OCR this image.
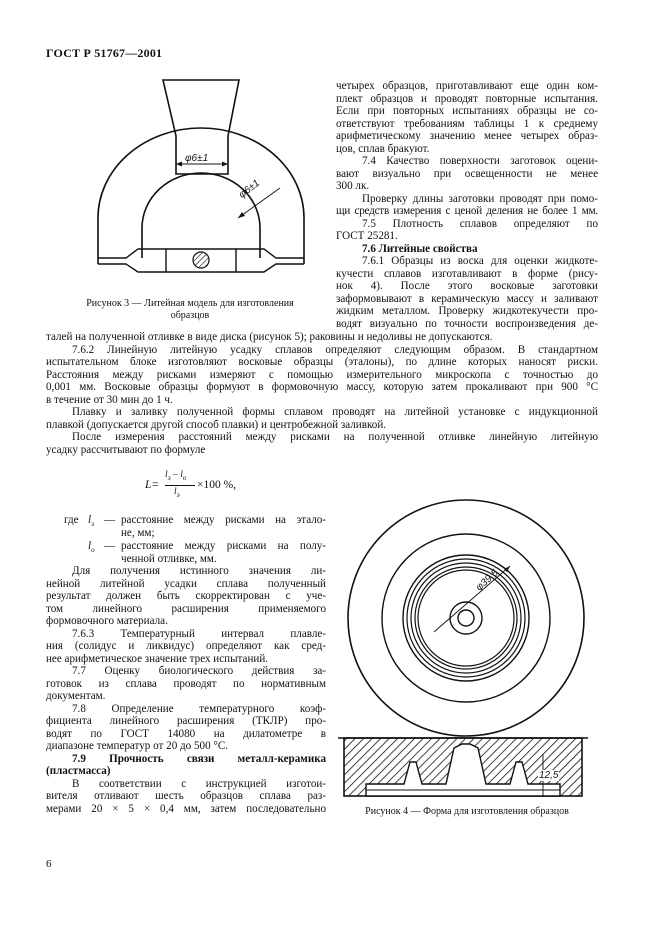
ГОСТ Р 51767—2001
φ6±1
φ6±1
Рисунок 3 — Литейная модель для изготовления
образцов
четырех образцов, приготавливают еще один ком-
плект образцов и проводят повторные испытания.
Если при повторных испытаниях образцы не со-
ответствуют требованиям таблицы 1 к среднему
арифметическому значению менее четырех образ-
цов, сплав бракуют.
7.4 Качество поверхности заготовок оцени-
вают визуально при освещенности не менее
300 лк.
Проверку длины заготовки проводят при помо-
щи средств измерения с ценой деления не более 1 мм.
7.5 Плотность сплавов определяют по
ГОСТ 25281.
7.6 Литейные свойства
7.6.1 Образцы из воска для оценки жидкоте-
кучести сплавов изготавливают в форме (рису-
нок 4). После этого восковые заготовки
заформовывают в керамическую массу и заливают
жидким металлом. Проверку жидкотекучести про-
водят визуально по точности воспроизведения де-
талей на полученной отливке в виде диска (рисунок 5); раковины и недоливы не допускаются.
7.6.2 Линейную литейную усадку сплавов определяют следующим образом. В стандартном
испытательном блоке изготовляют восковые образцы (эталоны), по длине которых наносят риски.
Расстояния между рисками измеряют с помощью измерительного микроскопа с точностью до
0,001 мм. Восковые образцы формуют в формовочную массу, которую затем прокаливают при 900 °С
в течение от 30 мин до 1 ч.
Плавку и заливку полученной формы сплавом проводят на литейной установке с индукционной
плавкой (допускается другой способ плавки) и центробежной заливкой.
После измерения расстояний между рисками на полученной отливке линейную литейную
усадку рассчитывают по формуле
L=
$l_э - l_о$
$l_э$
×100 %,
где $l_э$ — расстояние между рисками на этало-
не, мм;
$l_о$ — расстояние между рисками на полу-
ченной отливке, мм.
Для получения истинного значения ли-
нейной литейной усадки сплава полученный
результат должен быть скорректирован с уче-
том линейного расширения применяемого
формовочного материала.
7.6.3 Температурный интервал плавле-
ния (солидус и ликвидус) определяют как сред-
нее арифметическое значение трех испытаний.
7.7 Оценку биологического действия за-
готовок из сплава проводят по нормативным
документам.
7.8 Определение температурного коэф-
фициента линейного расширения (ТКЛР) про-
водят по ГОСТ 14080 на дилатометре в
диапазоне температур от 20 до 500 °С.
7.9 Прочность связи металл-керамика
(пластмасса)
В соответствии с инструкцией изготои-
вителя отливают шесть образцов сплава раз-
мерами 20 × 5 × 0,4 мм, затем последовательно
φ39,5
12,5
Рисунок 4 — Форма для изготовления образцов
6
